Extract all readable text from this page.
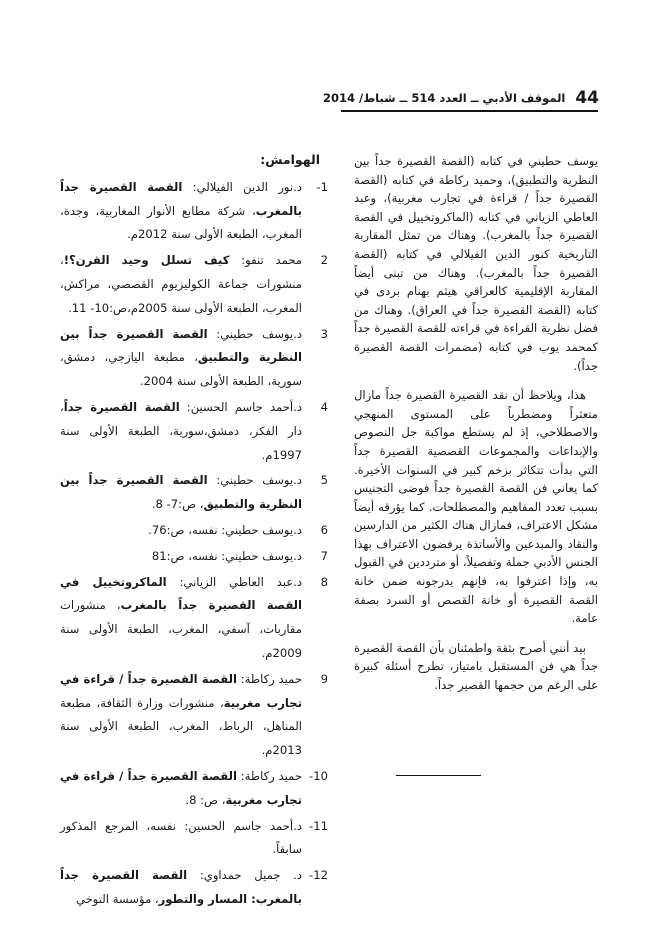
44
الموقف الأدبي ــ العدد 514 ــ شباط/ 2014

يوسف حطيني في كتابه (القصة القصيرة جداً بين النظرية والتطبيق)، وحميد ركاطة في كتابه (القصة القصيرة جداً / قراءة في تجارب مغربية)، وعبد العاطي الزياني في كتابه (الماكروتخييل في القصة القصيرة جداً بالمغرب). وهناك من تمثل المقاربة التاريخية كنور الدين الفيلالي في كتابه (القصة القصيرة جداً بالمغرب). وهناك من تبنى أيضاً المقاربة الإقليمية كالعراقي هيثم بهنام بردى في كتابه (القصة القصيرة جداً في العراق). وهناك من فضل نظرية القراءة في قراءته للقصة القصيرة جداً كمحمد يوب في كتابه (مضمرات القصة القصيرة جداً).

هذا، ويلاحظ أن نقد القصيرة القصيرة جداً مازال متعثراً ومضطرباً على المستوى المنهجي والاصطلاحي، إذ لم يستطع مواكبة جل النصوص والإبداعات والمجموعات القصصية القصيرة جداً التي بدأت تتكاثر بزخم كبير في السنوات الأخيرة. كما يعاني فن القصة القصيرة جداً فوضى التجنيس بسبب تعدد المفاهيم والمصطلحات. كما يؤرقه أيضاً مشكل الاعتراف، فمازال هناك الكثير من الدارسين والنقاد والمبدعين والأساتذة يرفضون الاعتراف بهذا الجنس الأدبي جملة وتفصيلاً، أو مترددين في القبول به، وإذا اعترفوا به، فإنهم يدرجونه ضمن خانة القصة القصيرة أو خانة القصص أو السرد بصفة عامة.

بيد أنني أصرح بثقة واطمئنان بأن القصة القصيرة جداً هي فن المستقبل بامتياز، تطرح أسئلة كبيرة على الرغم من حجمها القصير جداً.

الهوامش:
1-
د.نور الدين الفيلالي: القصة القصيرة جداً بالمغرب، شركة مطابع الأنوار المغاربية، وجدة، المغرب، الطبعة الأولى سنة 2012م.
2
محمد تنفو: كيف تسلل وحيد القرن؟!، منشورات جماعة الكوليزيوم القصصي، مراكش، المغرب، الطبعة الأولى سنة 2005م،ص:10- 11.
3
د.يوسف حطيني: القصة القصيرة جداً بين النظرية والتطبيق، مطبعة اليازجي، دمشق، سورية، الطبعة الأولى سنة 2004.
4
د.أحمد جاسم الحسين: القصة القصيرة جداً، دار الفكر، دمشق،سورية، الطبعة الأولى سنة 1997م.
5
د.يوسف حطيني: القصة القصيرة جداً بين النظرية والتطبيق، ص:7- 8.
6
د.يوسف حطيني: نفسه، ص:76.
7
د.يوسف حطيني: نفسه، ص:81
8
د.عبد العاطي الزياني: الماكروتخييل في القصة القصيرة جداً بالمغرب، منشورات مقاربات، آسفي، المغرب، الطبعة الأولى سنة 2009م.
9
حميد ركاطة: القصة القصيرة جداً / قراءة في تجارب مغربية، منشورات وزارة الثقافة، مطبعة المناهل، الرباط، المغرب، الطبعة الأولى سنة 2013م.
10-
حميد ركاطة: القصة القصيرة جداً / قراءة في تجارب مغربية، ص: 8.
11-
د.أحمد جاسم الحسين: نفسه، المرجع المذكور سابقاً.
12-
د. جميل حمداوي: القصة القصيرة جداً بالمغرب: المسار والتطور، مؤسسة التوخي
